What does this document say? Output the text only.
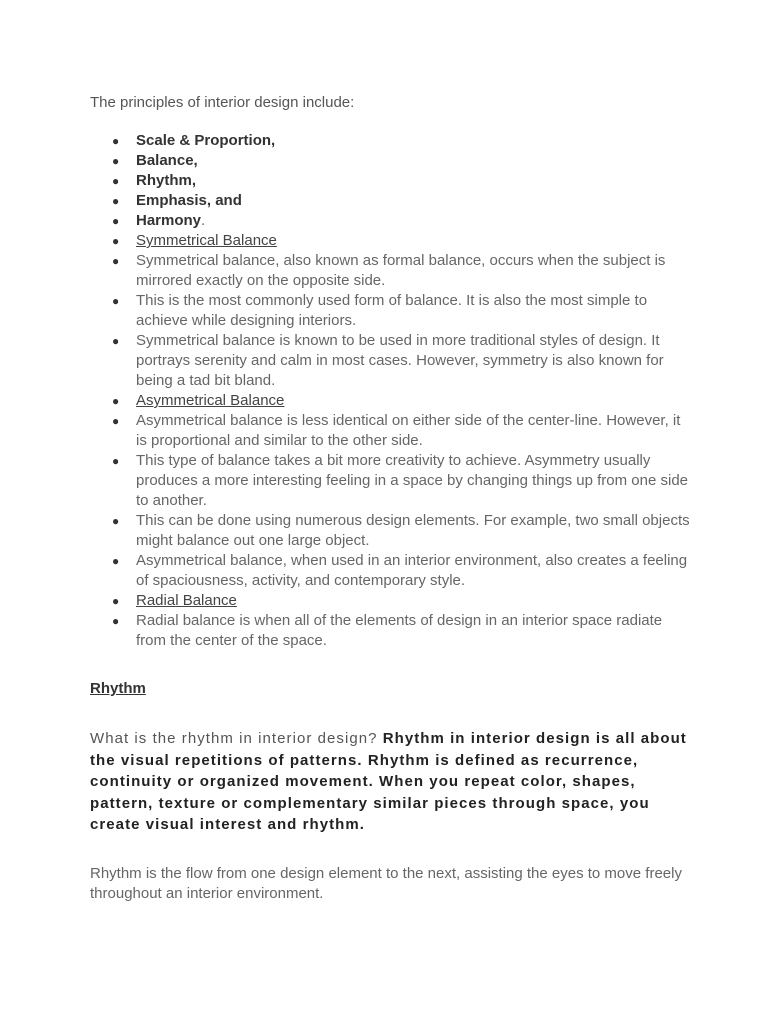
The principles of interior design include:

● Scale & Proportion,
● Balance,
● Rhythm,
● Emphasis, and
● Harmony.
● Symmetrical Balance
● Symmetrical balance, also known as formal balance, occurs when the subject is mirrored exactly on the opposite side.
● This is the most commonly used form of balance. It is also the most simple to achieve while designing interiors.
● Symmetrical balance is known to be used in more traditional styles of design. It portrays serenity and calm in most cases. However, symmetry is also known for being a tad bit bland.
● Asymmetrical Balance
● Asymmetrical balance is less identical on either side of the center-line. However, it is proportional and similar to the other side.
● This type of balance takes a bit more creativity to achieve. Asymmetry usually produces a more interesting feeling in a space by changing things up from one side to another.
● This can be done using numerous design elements. For example, two small objects might balance out one large object.
● Asymmetrical balance, when used in an interior environment, also creates a feeling of spaciousness, activity, and contemporary style.
● Radial Balance
● Radial balance is when all of the elements of design in an interior space radiate from the center of the space.

Rhythm

What is the rhythm in interior design? Rhythm in interior design is all about the visual repetitions of patterns. Rhythm is defined as recurrence, continuity or organized movement. When you repeat color, shapes, pattern, texture or complementary similar pieces through space, you create visual interest and rhythm.

Rhythm is the flow from one design element to the next, assisting the eyes to move freely throughout an interior environment.
